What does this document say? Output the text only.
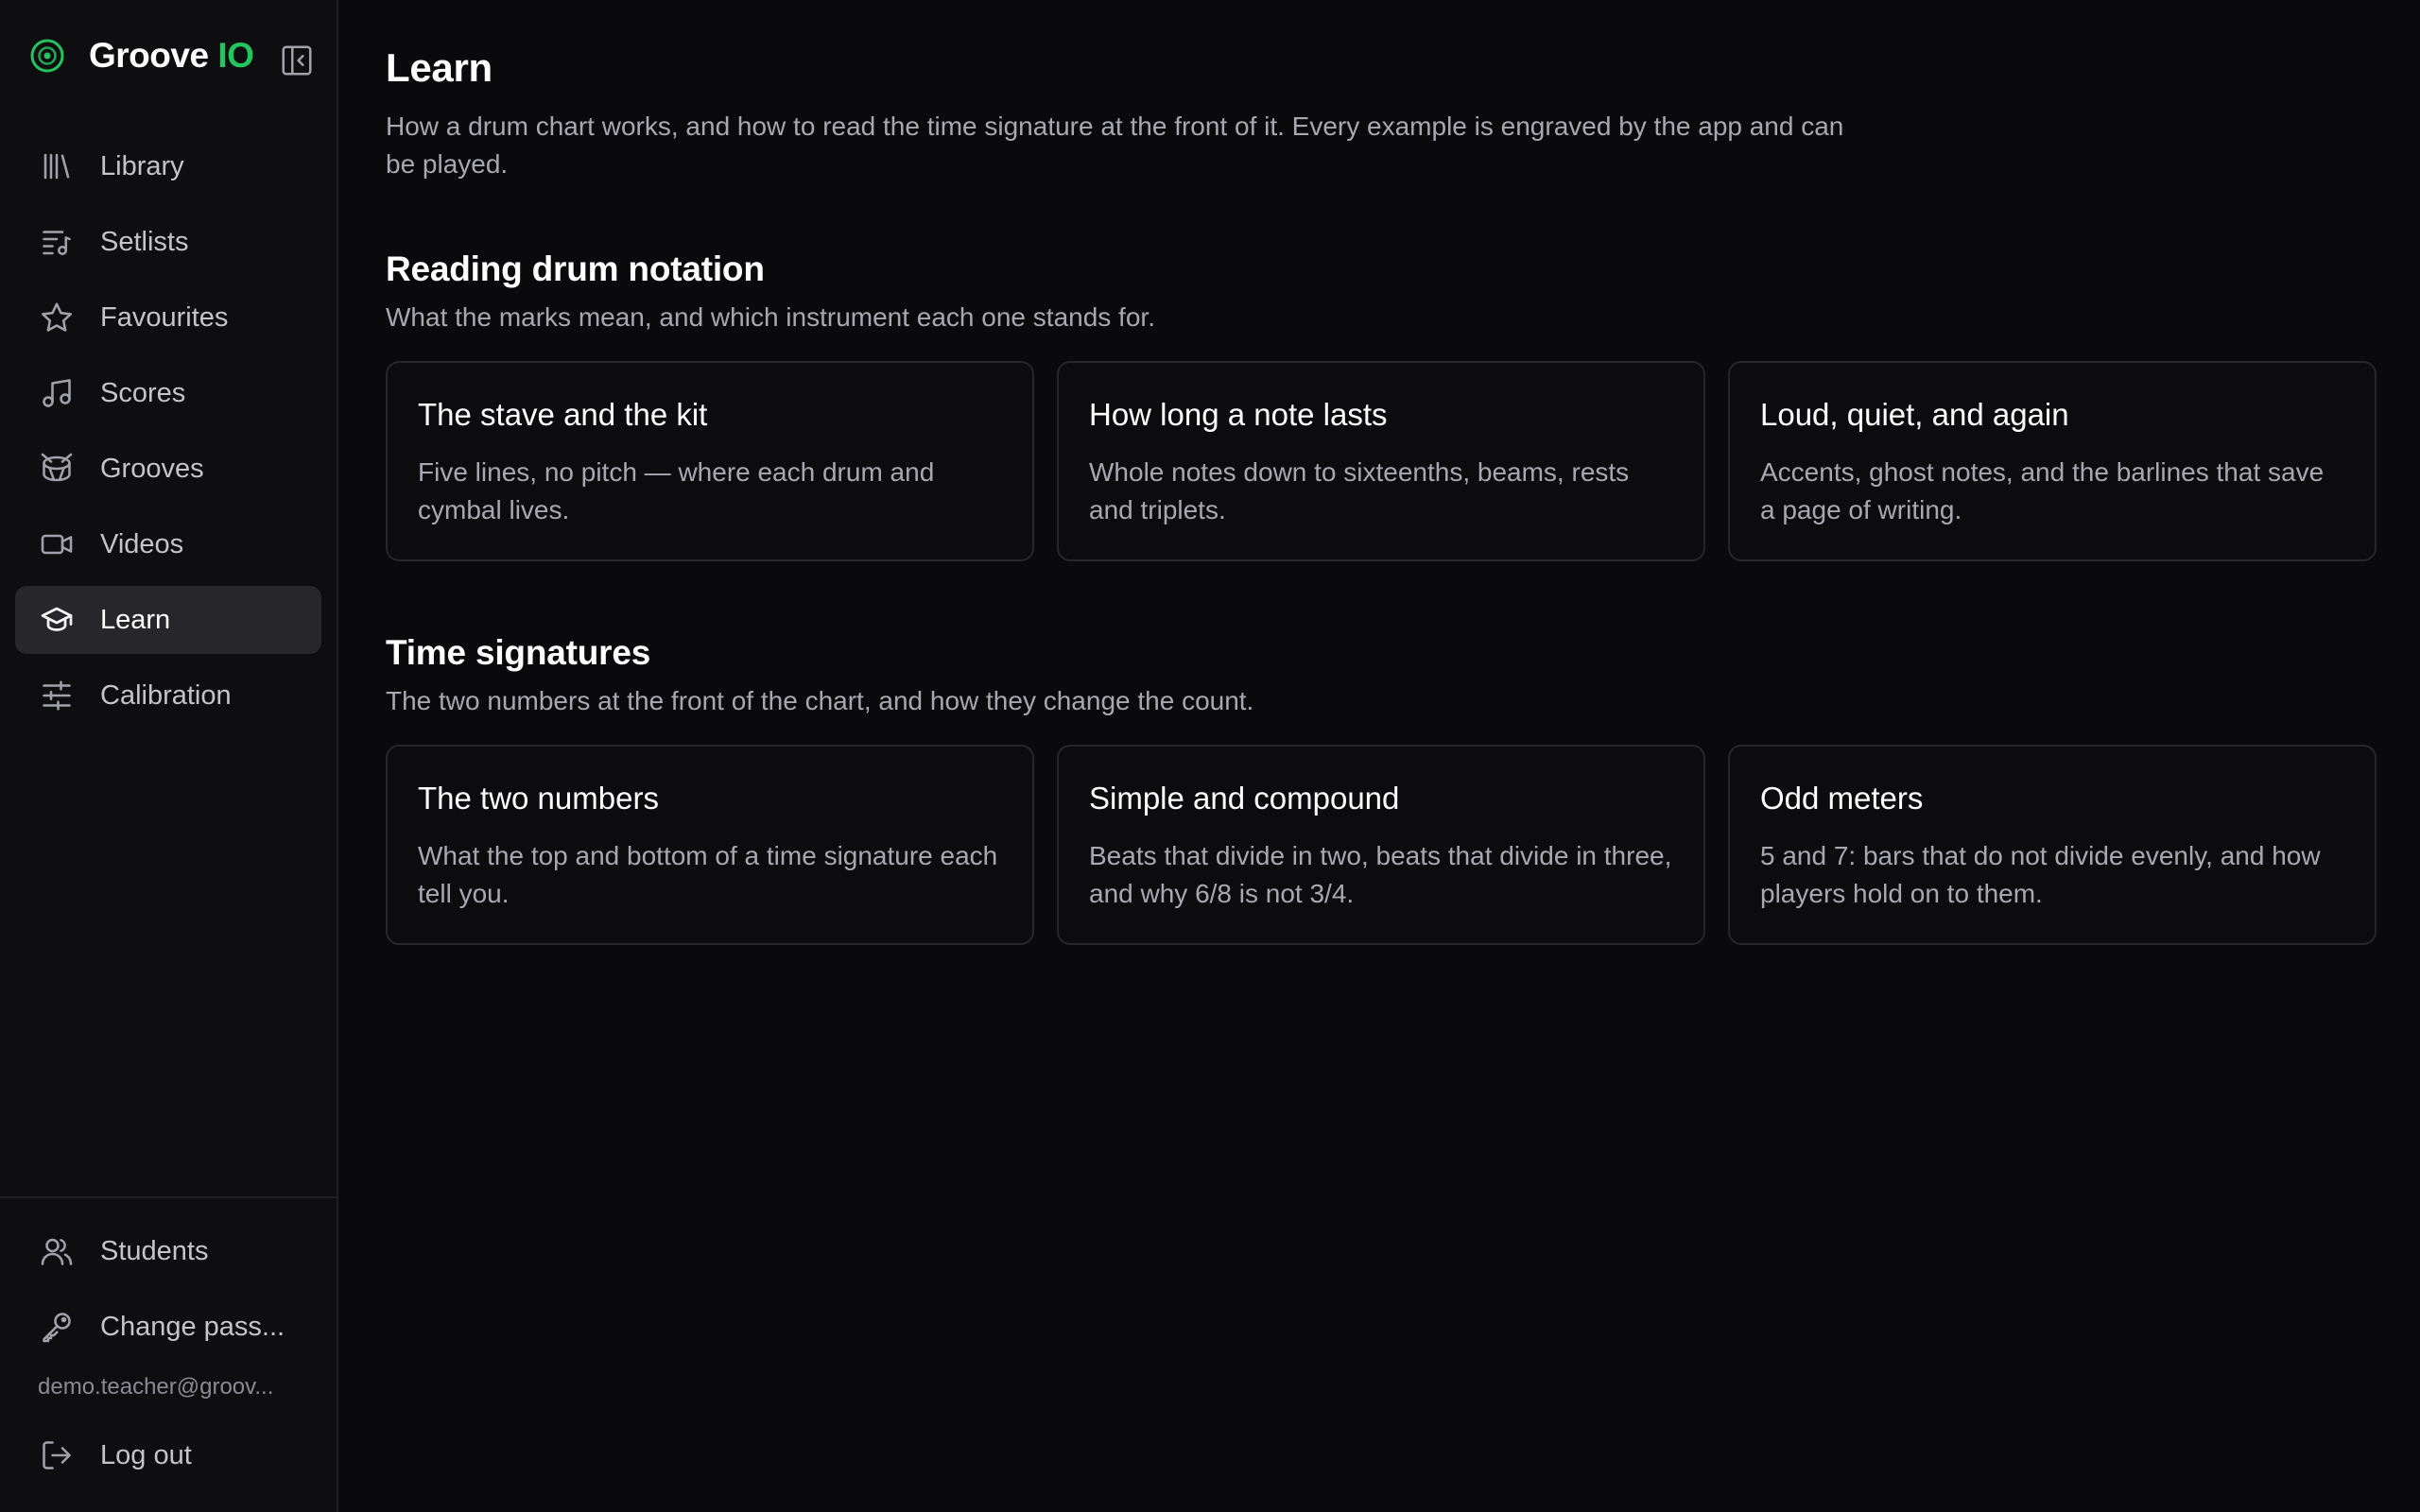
Groove IO
Library
Setlists
Favourites
Scores
Grooves
Videos
Learn
Calibration
Students
Change pass...
demo.teacher@groov...
Log out
Learn

How a drum chart works, and how to read the time signature at the front of it. Every example is engraved by the app and can be played.

Reading drum notation

What the marks mean, and which instrument each one stands for.

The stave and the kit
Five lines, no pitch — where each drum and cymbal lives.
How long a note lasts
Whole notes down to sixteenths, beams, rests and triplets.
Loud, quiet, and again
Accents, ghost notes, and the barlines that save a page of writing.
Time signatures

The two numbers at the front of the chart, and how they change the count.

The two numbers
What the top and bottom of a time signature each tell you.
Simple and compound
Beats that divide in two, beats that divide in three, and why 6/8 is not 3/4.
Odd meters
5 and 7: bars that do not divide evenly, and how players hold on to them.
